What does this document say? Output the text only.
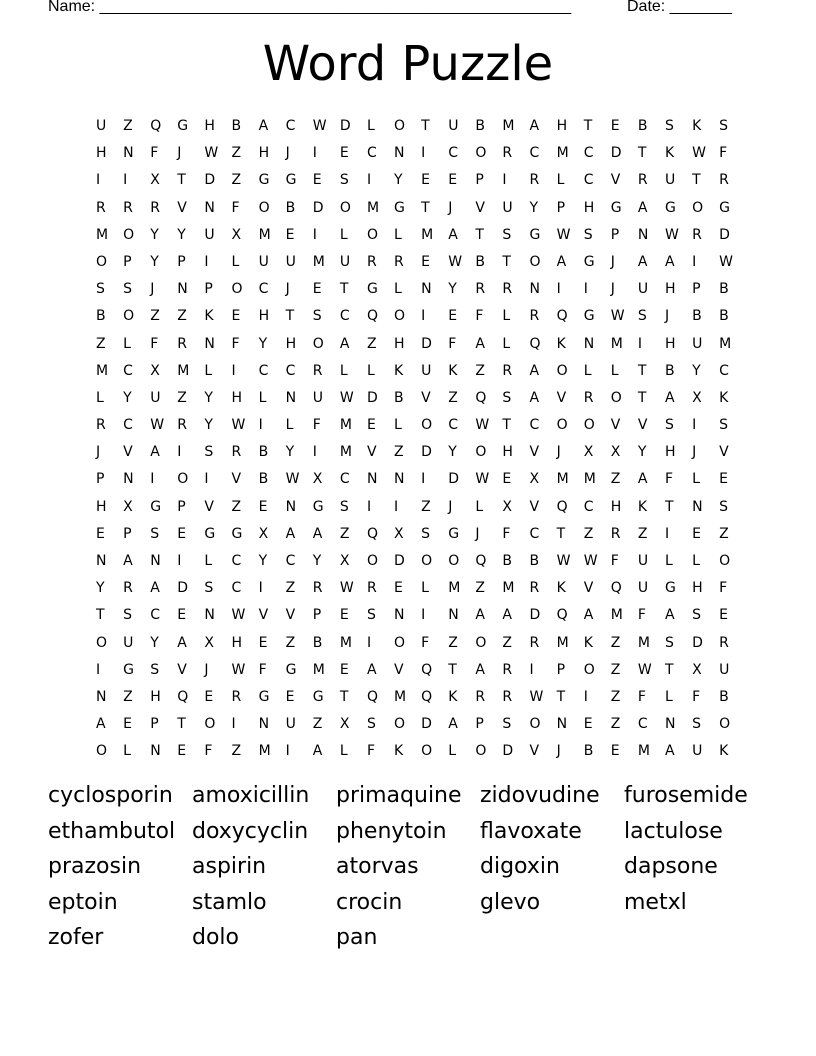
Name: _____________________________________________________	Date: _______
Word Puzzle
U	Z	Q	G	H	B	A	C	W D	L	O	T	U	B	M	A	H	T	E	B	S	K	S
H	N	F	J	W Z	H	J	I	E	C	N	I	C	O	R	C	M	C	D	T	K	W F
I	I	X	T	D	Z	G	G	E	S	I	Y	E	E	P	I	R	L	C	V	R	U	T	R
R	R	R	V	N	F	O	B	D	O	M	G	T	J	V	U	Y	P	H	G	A	G	O	G
M	O	Y	Y	U	X	M	E	I	L	O	L	M	A	T	S	G	W S	P	N	W R	D
O	P	Y	P	I	L	U	U	M	U	R	R	E	W B	T	O	A	G	J	A	A	I	W
S	S	J	N	P	O	C	J	E	T	G	L	N	Y	R	R	N	I	I	J	U	H	P	B
B	O	Z	Z	K	E	H	T	S	C	Q	O	I	E	F	L	R	Q	G	W S	J	B	B
Z	L	F	R	N	F	Y	H	O	A	Z	H	D	F	A	L	Q	K	N	M	I	H	U	M
M	C	X	M	L	I	C	C	R	L	L	K	U	K	Z	R	A	O	L	L	T	B	Y	C
L	Y	U	Z	Y	H	L	N	U	W D	B	V	Z	Q	S	A	V	R	O	T	A	X	K
R	C	W R	Y	W I	L	F	M	E	L	O	C	W T	C	O	O	V	V	S	I	S
J	V	A	I	S	R	B	Y	I	M	V	Z	D	Y	O	H	V	J	X	X	Y	H	J	V
P	N	I	O	I	V	B	W X	C	N	N	I	D	W E	X	M	M	Z	A	F	L	E
H	X	G	P	V	Z	E	N	G	S	I	I	Z	J	L	X	V	Q	C	H	K	T	N	S
E	P	S	E	G	G	X	A	A	Z	Q	X	S	G	J	F	C	T	Z	R	Z	I	E	Z
N	A	N	I	L	C	Y	C	Y	X	O	D	O	O	Q	B	B	W W F	U	L	L	O
Y	R	A	D	S	C	I	Z	R	W R	E	L	M	Z	M	R	K	V	Q	U	G	H	F
T	S	C	E	N	W V	V	P	E	S	N	I	N	A	A	D	Q	A	M	F	A	S	E
O	U	Y	A	X	H	E	Z	B	M	I	O	F	Z	O	Z	R	M	K	Z	M	S	D	R
I	G	S	V	J	W F	G	M	E	A	V	Q	T	A	R	I	P	O	Z	W T	X	U
N	Z	H	Q	E	R	G	E	G	T	Q	M	Q	K	R	R	W T	I	Z	F	L	F	B
A	E	P	T	O	I	N	U	Z	X	S	O	D	A	P	S	O	N	E	Z	C	N	S	O
O	L	N	E	F	Z	M	I	A	L	F	K	O	L	O	D	V	J	B	E	M	A	U	K
cyclosporin amoxicillin	primaquine zidovudine	furosemide
ethambutol doxycyclin	phenytoin	flavoxate	lactulose
prazosin	aspirin	atorvas	digoxin	dapsone
eptoin	stamlo	crocin	glevo	metxl
zofer	dolo	pan
